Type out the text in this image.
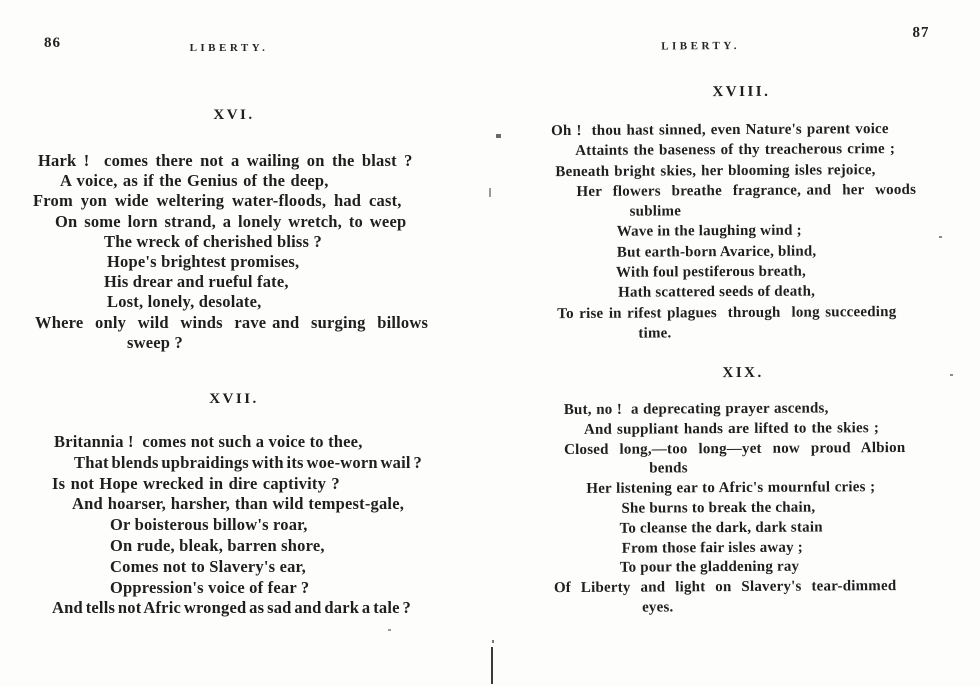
86	LIBERTY.
XVI.
Hark !  comes there not a wailing on the blast ?
A voice, as if the Genius of the deep,
From yon wide weltering water-floods, had cast,
On some lorn strand, a lonely wretch, to weep
The wreck of cherished bliss ?
Hope's brightest promises,
His drear and rueful fate,
Lost, lonely, desolate,
Where  only  wild  winds  rave and  surging  billows
sweep ?
XVII.
Britannia !  comes not such a voice to thee,
That blends upbraidings with its woe-worn wail ?
Is not Hope wrecked in dire captivity ?
And hoarser, harsher, than wild tempest-gale,
Or boisterous billow's roar,
On rude, bleak, barren shore,
Comes not to Slavery's ear,
Oppression's voice of fear ?
And tells not Afric wronged as sad and dark a tale ?
87
LIBERTY.
XVIII.
Oh !  thou hast sinned, even Nature's parent voice
Attaints the baseness of thy treacherous crime ;
Beneath bright skies, her blooming isles rejoice,
Her  flowers  breathe  fragrance, and  her  woods
sublime
Wave in the laughing wind ;
But earth-born Avarice, blind,
With foul pestiferous breath,
Hath scattered seeds of death,
To rise in rifest plagues  through  long succeeding
time.
XIX.
But, no !  a deprecating prayer ascends,
And suppliant hands are lifted to the skies ;
Closed  long,—too  long—yet  now  proud  Albion
bends
Her listening ear to Afric's mournful cries ;
She burns to break the chain,
To cleanse the dark, dark stain
From those fair isles away ;
To pour the gladdening ray
Of  Liberty  and  light  on  Slavery's  tear-dimmed
eyes.
